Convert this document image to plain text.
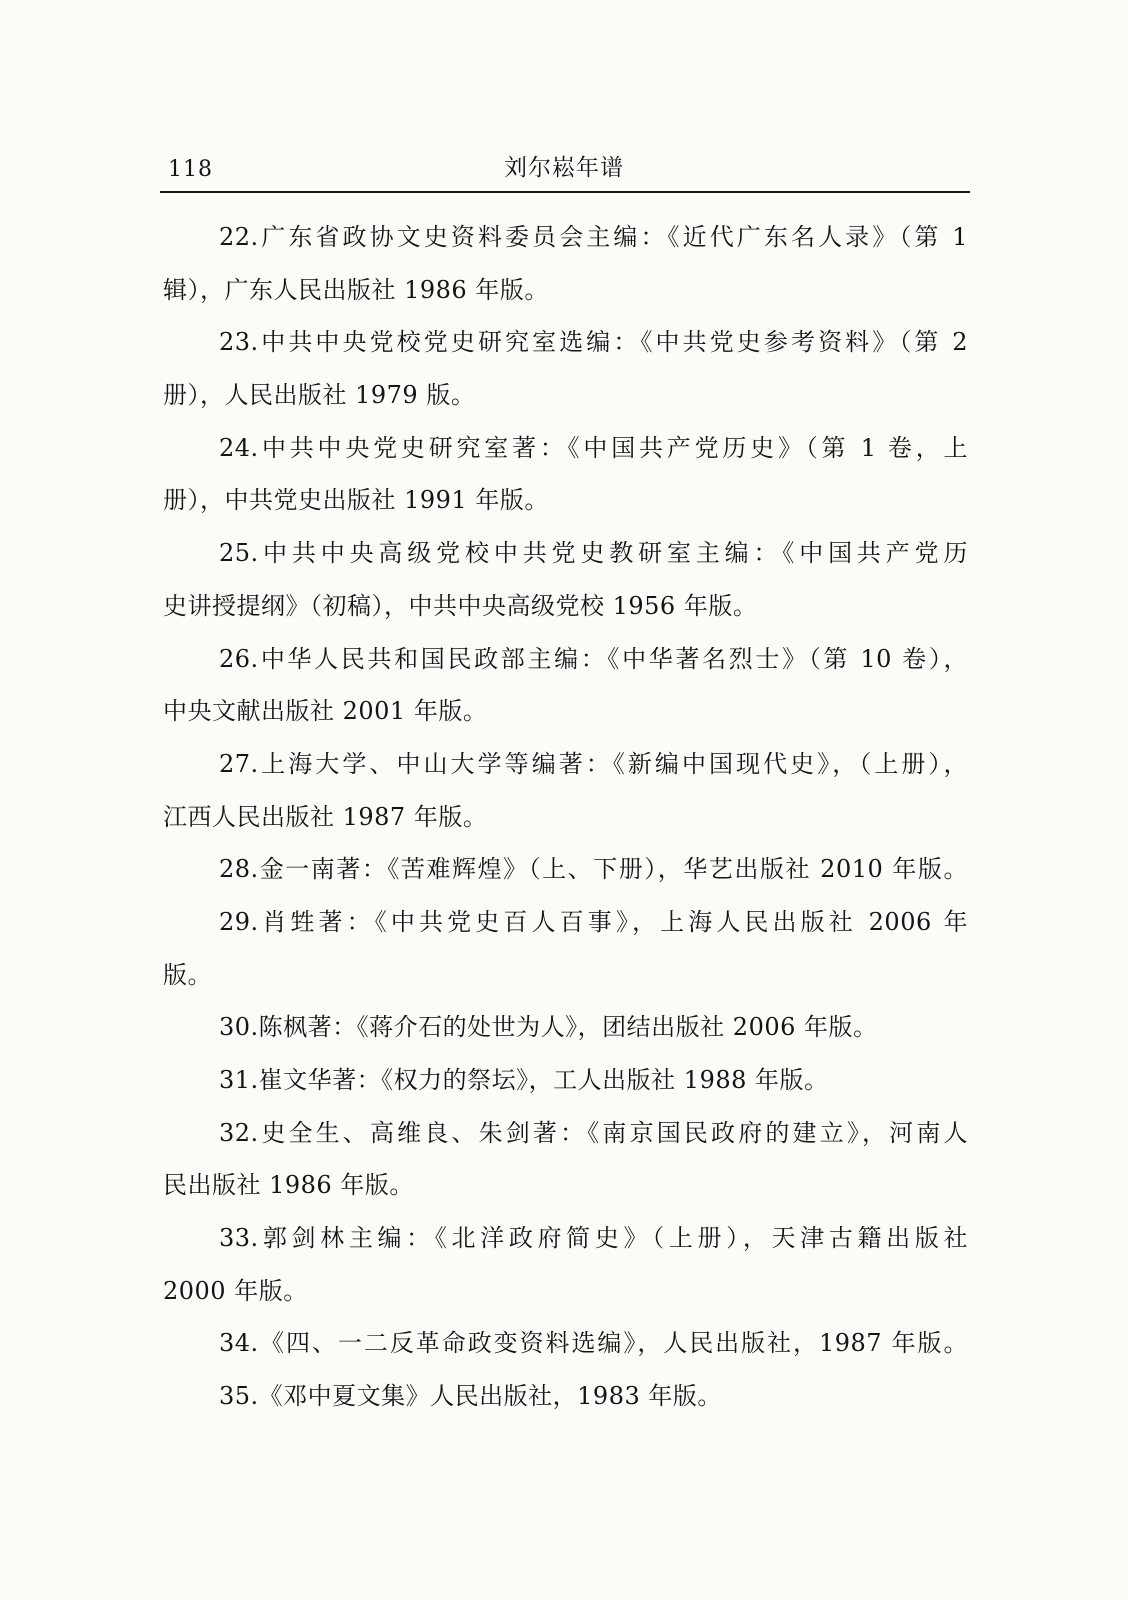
118	刘尔崧年谱
22.广东省政协文史资料委员会主编：《近代广东名人录》（第 1
辑），广东人民出版社 1986 年版。
23.中共中央党校党史研究室选编：《中共党史参考资料》（第 2
册），人民出版社 1979 版。
24.中共中央党史研究室著：《中国共产党历史》（第 1 卷，上
册），中共党史出版社 1991 年版。
25.中共中央高级党校中共党史教研室主编：《中国共产党历
史讲授提纲》（初稿），中共中央高级党校 1956 年版。
26.中华人民共和国民政部主编：《中华著名烈士》（第 10 卷），
中央文献出版社 2001 年版。
27.上海大学、中山大学等编著：《新编中国现代史》，（上册），
江西人民出版社 1987 年版。
28.金一南著：《苦难辉煌》（上、下册），华艺出版社 2010 年版。
29.肖甡著：《中共党史百人百事》，上海人民出版社 2006 年
版。
30.陈枫著：《蒋介石的处世为人》，团结出版社 2006 年版。
31.崔文华著：《权力的祭坛》，工人出版社 1988 年版。
32.史全生、高维良、朱剑著：《南京国民政府的建立》，河南人
民出版社 1986 年版。
33.郭剑林主编：《北洋政府简史》（上册），天津古籍出版社
2000 年版。
34.《四、一二反革命政变资料选编》，人民出版社，1987 年版。
35.《邓中夏文集》人民出版社，1983 年版。
